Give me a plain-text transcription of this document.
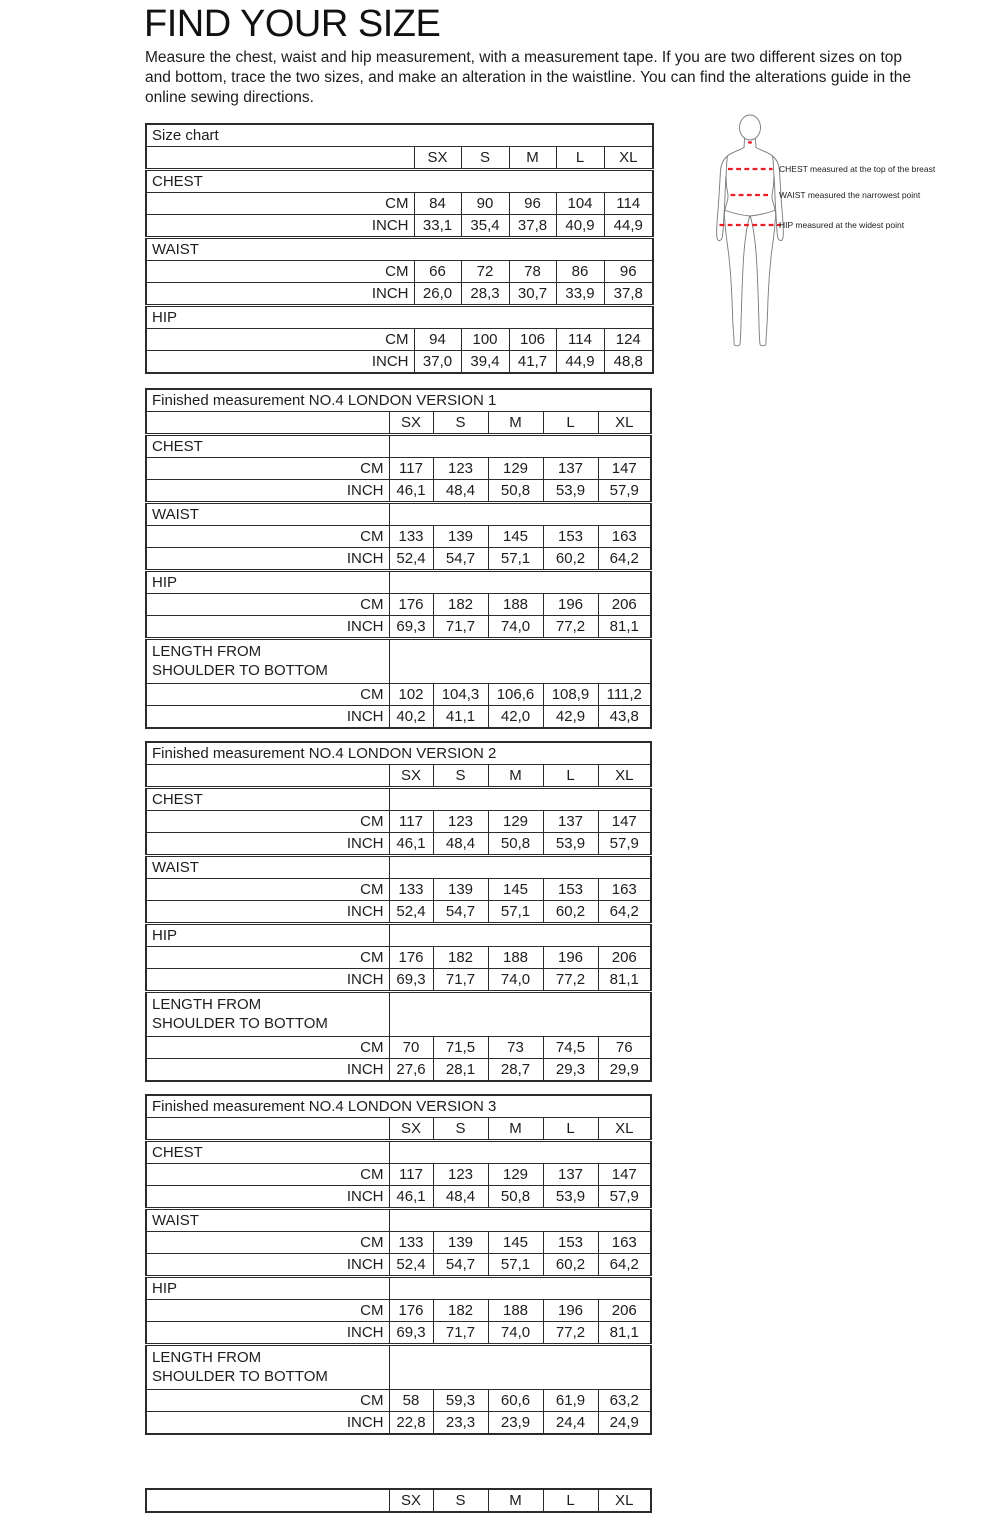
FIND YOUR SIZE

Measure the chest, waist and hip measurement, with a measurement tape. If you are two different sizes on top and bottom, trace the two sizes, and make an alteration in the waistline. You can find the alterations guide in the online sewing directions.

Size chart					
	SX	S	M	L	XL
CHEST					
CM	84	90	96	104	114
INCH	33,1	35,4	37,8	40,9	44,9
WAIST					
CM	66	72	78	86	96
INCH	26,0	28,3	30,7	33,9	37,8
HIP					
CM	94	100	106	114	124
INCH	37,0	39,4	41,7	44,9	48,8
Finished measurement NO.4 LONDON VERSION 1					
	SX	S	M	L	XL
CHEST					
CM	117	123	129	137	147
INCH	46,1	48,4	50,8	53,9	57,9
WAIST					
CM	133	139	145	153	163
INCH	52,4	54,7	57,1	60,2	64,2
HIP					
CM	176	182	188	196	206
INCH	69,3	71,7	74,0	77,2	81,1
LENGTH FROM SHOULDER TO BOTTOM					
CM	102	104,3	106,6	108,9	111,2
INCH	40,2	41,1	42,0	42,9	43,8
Finished measurement NO.4 LONDON VERSION 2					
	SX	S	M	L	XL
CHEST					
CM	117	123	129	137	147
INCH	46,1	48,4	50,8	53,9	57,9
WAIST					
CM	133	139	145	153	163
INCH	52,4	54,7	57,1	60,2	64,2
HIP					
CM	176	182	188	196	206
INCH	69,3	71,7	74,0	77,2	81,1
LENGTH FROM SHOULDER TO BOTTOM					
CM	70	71,5	73	74,5	76
INCH	27,6	28,1	28,7	29,3	29,9
Finished measurement NO.4 LONDON VERSION 3					
	SX	S	M	L	XL
CHEST					
CM	117	123	129	137	147
INCH	46,1	48,4	50,8	53,9	57,9
WAIST					
CM	133	139	145	153	163
INCH	52,4	54,7	57,1	60,2	64,2
HIP					
CM	176	182	188	196	206
INCH	69,3	71,7	74,0	77,2	81,1
LENGTH FROM SHOULDER TO BOTTOM					
CM	58	59,3	60,6	61,9	63,2
INCH	22,8	23,3	23,9	24,4	24,9
	SX	S	M	L	XL
CHEST measured at the top of the breast
WAIST measured the narrowest point
HIP measured at the widest point
